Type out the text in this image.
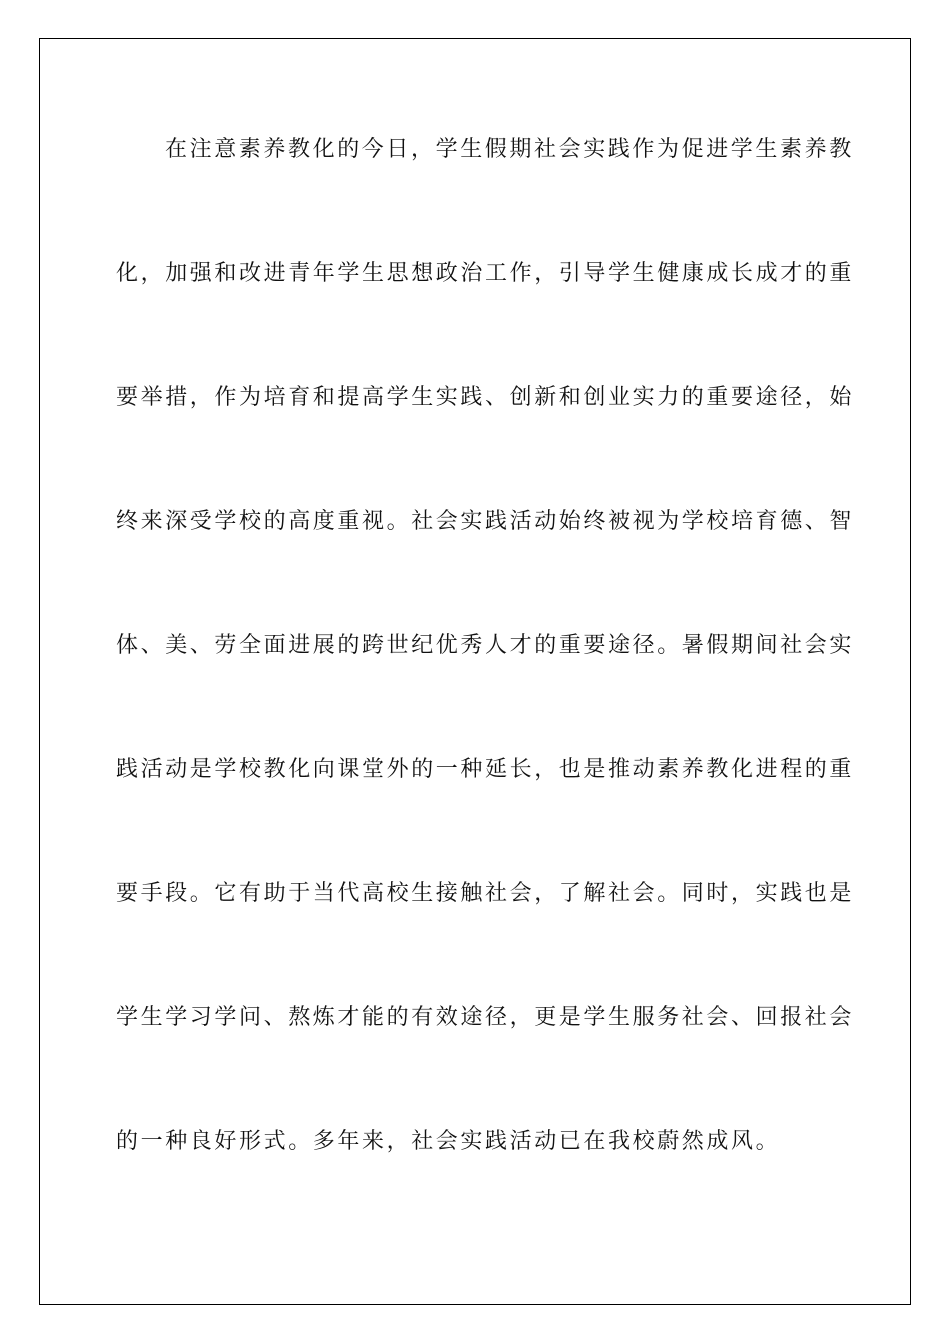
在注意素养教化的今日，学生假期社会实践作为促进学生素养教
化，加强和改进青年学生思想政治工作，引导学生健康成长成才的重
要举措，作为培育和提高学生实践、创新和创业实力的重要途径，始
终来深受学校的高度重视。社会实践活动始终被视为学校培育德、智
体、美、劳全面进展的跨世纪优秀人才的重要途径。暑假期间社会实
践活动是学校教化向课堂外的一种延长，也是推动素养教化进程的重
要手段。它有助于当代高校生接触社会，了解社会。同时，实践也是
学生学习学问、熬炼才能的有效途径，更是学生服务社会、回报社会
的一种良好形式。多年来，社会实践活动已在我校蔚然成风。
